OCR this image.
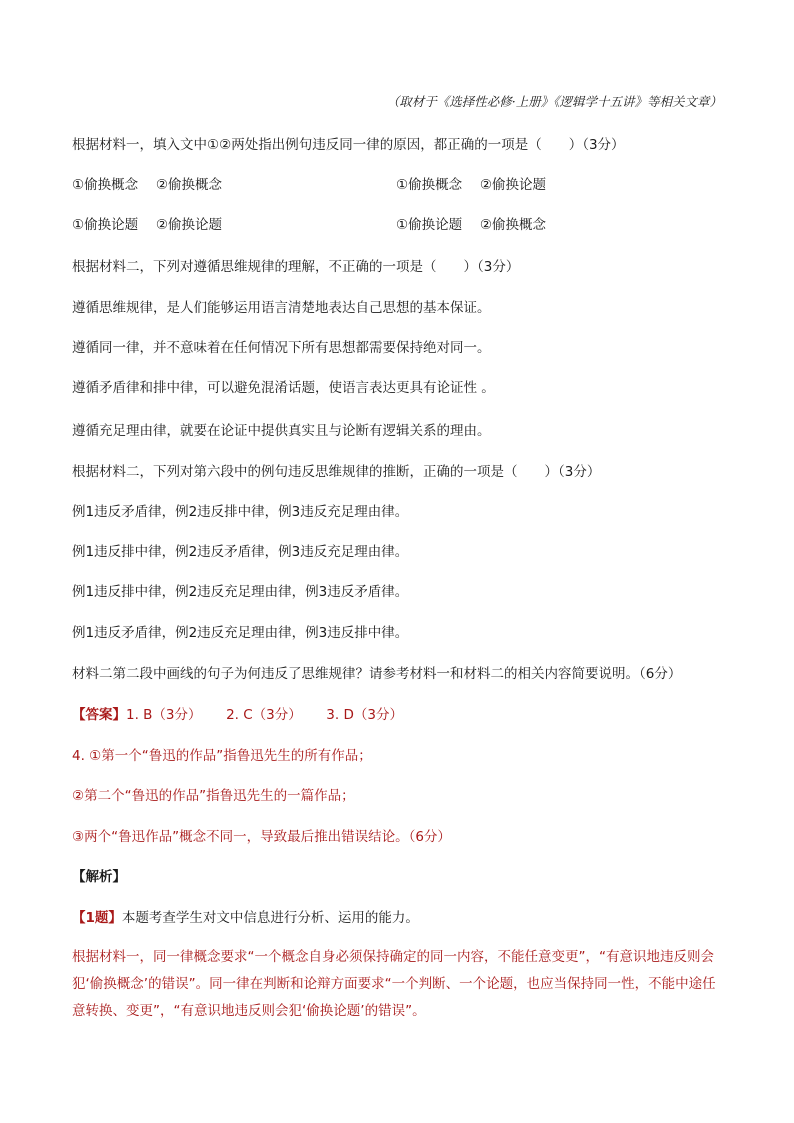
（取材于《选择性必修·上册》《逻辑学十五讲》等相关文章）
根据材料一，填入文中①②两处指出例句违反同一律的原因，都正确的一项是（　　）（3分）
①偷换概念　 ②偷换概念	①偷换概念　 ②偷换论题
①偷换论题　 ②偷换论题	①偷换论题　 ②偷换概念
根据材料二，下列对遵循思维规律的理解，不正确的一项是（　　）（3分）
遵循思维规律，是人们能够运用语言清楚地表达自己思想的基本保证。
遵循同一律，并不意味着在任何情况下所有思想都需要保持绝对同一。
遵循矛盾律和排中律，可以避免混淆话题，使语言表达更具有论证性 。
遵循充足理由律，就要在论证中提供真实且与论断有逻辑关系的理由。
根据材料二，下列对第六段中的例句违反思维规律的推断，正确的一项是（　　）（3分）
例1违反矛盾律，例2违反排中律，例3违反充足理由律。
例1违反排中律，例2违反矛盾律，例3违反充足理由律。
例1违反排中律，例2违反充足理由律，例3违反矛盾律。
例1违反矛盾律，例2违反充足理由律，例3违反排中律。
材料二第二段中画线的句子为何违反了思维规律？请参考材料一和材料二的相关内容简要说明。（6分）
【答案】1. B（3分）　　 2. C（3分）　　 3. D（3分）
4. ①第一个“鲁迅的作品”指鲁迅先生的所有作品；
②第二个“鲁迅的作品”指鲁迅先生的一篇作品；
③两个“鲁迅作品”概念不同一，导致最后推出错误结论。（6分）
【解析】
【1题】本题考查学生对文中信息进行分析、运用的能力。
根据材料一，同一律概念要求“一个概念自身必须保持确定的同一内容，不能任意变更”，“有意识地违反则会犯‘偷换概念’的错误”。同一律在判断和论辩方面要求“一个判断、一个论题，也应当保持同一性，不能中途任意转换、变更”，“有意识地违反则会犯‘偷换论题’的错误”。
